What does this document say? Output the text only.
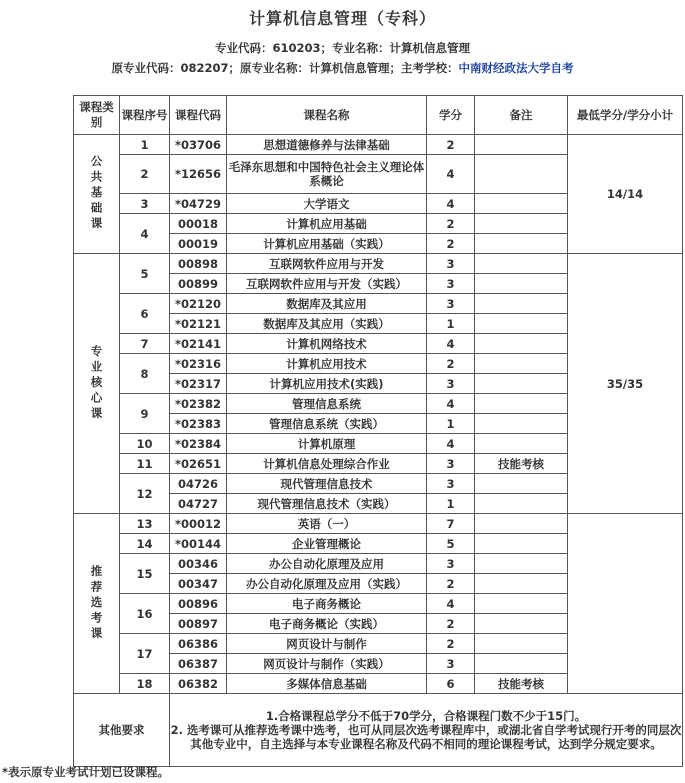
计算机信息管理（专科）
专业代码：610203；专业名称：计算机信息管理
原专业代码：082207；原专业名称：计算机信息管理；主考学校：中南财经政法大学自考
课程类别	课程序号	课程代码	课程名称	学分	备注	最低学分/学分小计
公共基础课	1	*03706	思想道德修养与法律基础	2		14/14
	2	*12656	毛泽东思想和中国特色社会主义理论体系概论	4		
	3	*04729	大学语文	4		
	4	00018	计算机应用基础	2		
		00019	计算机应用基础（实践）	2		
专业核心课	5	00898	互联网软件应用与开发	3		35/35
		00899	互联网软件应用与开发（实践）	3		
	6	*02120	数据库及其应用	3		
		*02121	数据库及其应用（实践）	1		
	7	*02141	计算机网络技术	4		
	8	*02316	计算机应用技术	2		
		*02317	计算机应用技术(实践)	3		
	9	*02382	管理信息系统	4		
		*02383	管理信息系统（实践）	1		
	10	*02384	计算机原理	4		
	11	*02651	计算机信息处理综合作业	3	技能考核	
	12	04726	现代管理信息技术	3		
		04727	现代管理信息技术（实践）	1		
推荐选考课	13	*00012	英语（一）	7		
	14	*00144	企业管理概论	5		
	15	00346	办公自动化原理及应用	3		
		00347	办公自动化原理及应用（实践）	2		
	16	00896	电子商务概论	4		
		00897	电子商务概论（实践）	2		
	17	06386	网页设计与制作	2		
		06387	网页设计与制作（实践）	3		
	18	06382	多媒体信息基础	6	技能考核	
其他要求		1.合格课程总学分不低于70学分，合格课程门数不少于15门。
2. 选考课可从推荐选考课中选考，也可从同层次选考课程库中，或湖北省自学考试现行开考的同层次其他专业中，自主选择与本专业课程名称及代码不相同的理论课程考试，达到学分规定要求。				
*表示原专业考试计划已设课程。
